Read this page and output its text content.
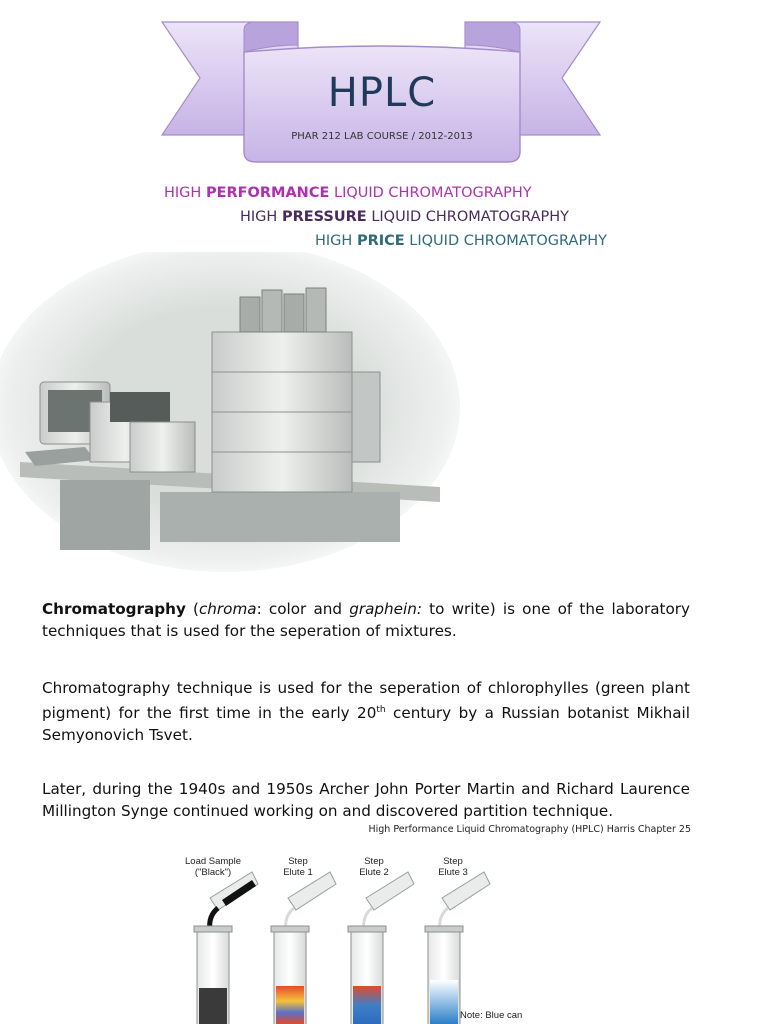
HPLC
PHAR 212 LAB COURSE / 2012-2013
HIGH PERFORMANCE LIQUID CHROMATOGRAPHY
HIGH PRESSURE LIQUID CHROMATOGRAPHY
HIGH PRICE LIQUID CHROMATOGRAPHY
Chromatography (chroma: color and graphein: to write) is one of the laboratory techniques that is used for the seperation of mixtures.
Chromatography technique is used for the seperation of chlorophylles (green plant pigment) for the first time in the early 20th century by a Russian botanist Mikhail Semyonovich Tsvet.
Later, during the 1940s and 1950s Archer John Porter Martin and Richard Laurence Millington Synge continued working on and discovered partition technique.
High Performance Liquid Chromatography (HPLC) Harris Chapter 25
Load Sample
("Black")
Step
Elute 1
Step
Elute 2
Step
Elute 3
Note: Blue can
